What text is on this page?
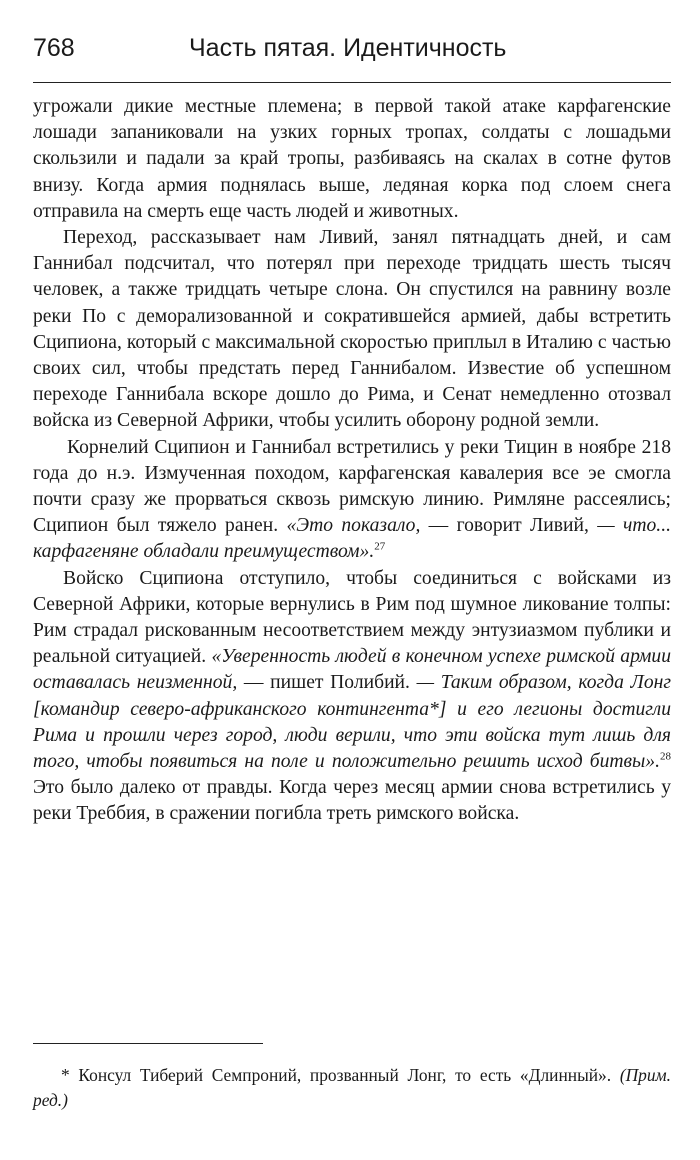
768	Часть пятая. Идентичность

угрожали дикие местные племена; в первой такой атаке карфагенские лошади запаниковали на узких горных тропах, солдаты с лошадьми скользили и падали за край тропы, разбиваясь на скалах в сотне футов внизу. Когда армия поднялась выше, ледяная корка под слоем снега отправила на смерть еще часть людей и животных.

Переход, рассказывает нам Ливий, занял пятнадцать дней, и сам Ганнибал подсчитал, что потерял при переходе тридцать шесть тысяч человек, а также тридцать четыре слона. Он спустился на равнину возле реки По с деморализованной и сократившейся армией, дабы встретить Сципиона, который с максимальной скоростью приплыл в Италию с частью своих сил, чтобы предстать перед Ганнибалом. Известие об успешном переходе Ганнибала вскоре дошло до Рима, и Сенат немедленно отозвал войска из Северной Африки, чтобы усилить оборону родной земли.

Корнелий Сципион и Ганнибал встретились у реки Тицин в ноябре 218 года до н.э. Измученная походом, карфагенская кавалерия все эе смогла почти сразу же прорваться сквозь римскую линию. Римляне рассеялись; Сципион был тяжело ранен. «Это показало, — говорит Ливий, — что... карфагеняне обладали преимуществом».$^{27}$

Войско Сципиона отступило, чтобы соединиться с войсками из Северной Африки, которые вернулись в Рим под шумное ликование толпы: Рим страдал рискованным несоответствием между энтузиазмом публики и реальной ситуацией. «Уверенность людей в конечном успехе римской армии оставалась неизменной, — пишет Полибий. — Таким образом, когда Лонг [командир северо-африканского контингента*] и его легионы достигли Рима и прошли через город, люди верили, что эти войска тут лишь для того, чтобы появиться на поле и положительно решить исход битвы».$^{28}$ Это было далеко от правды. Когда через месяц армии снова встретились у реки Треббия, в сражении погибла треть римского войска.

* Консул Тиберий Семпроний, прозванный Лонг, то есть «Длинный». (Прим. ред.)
